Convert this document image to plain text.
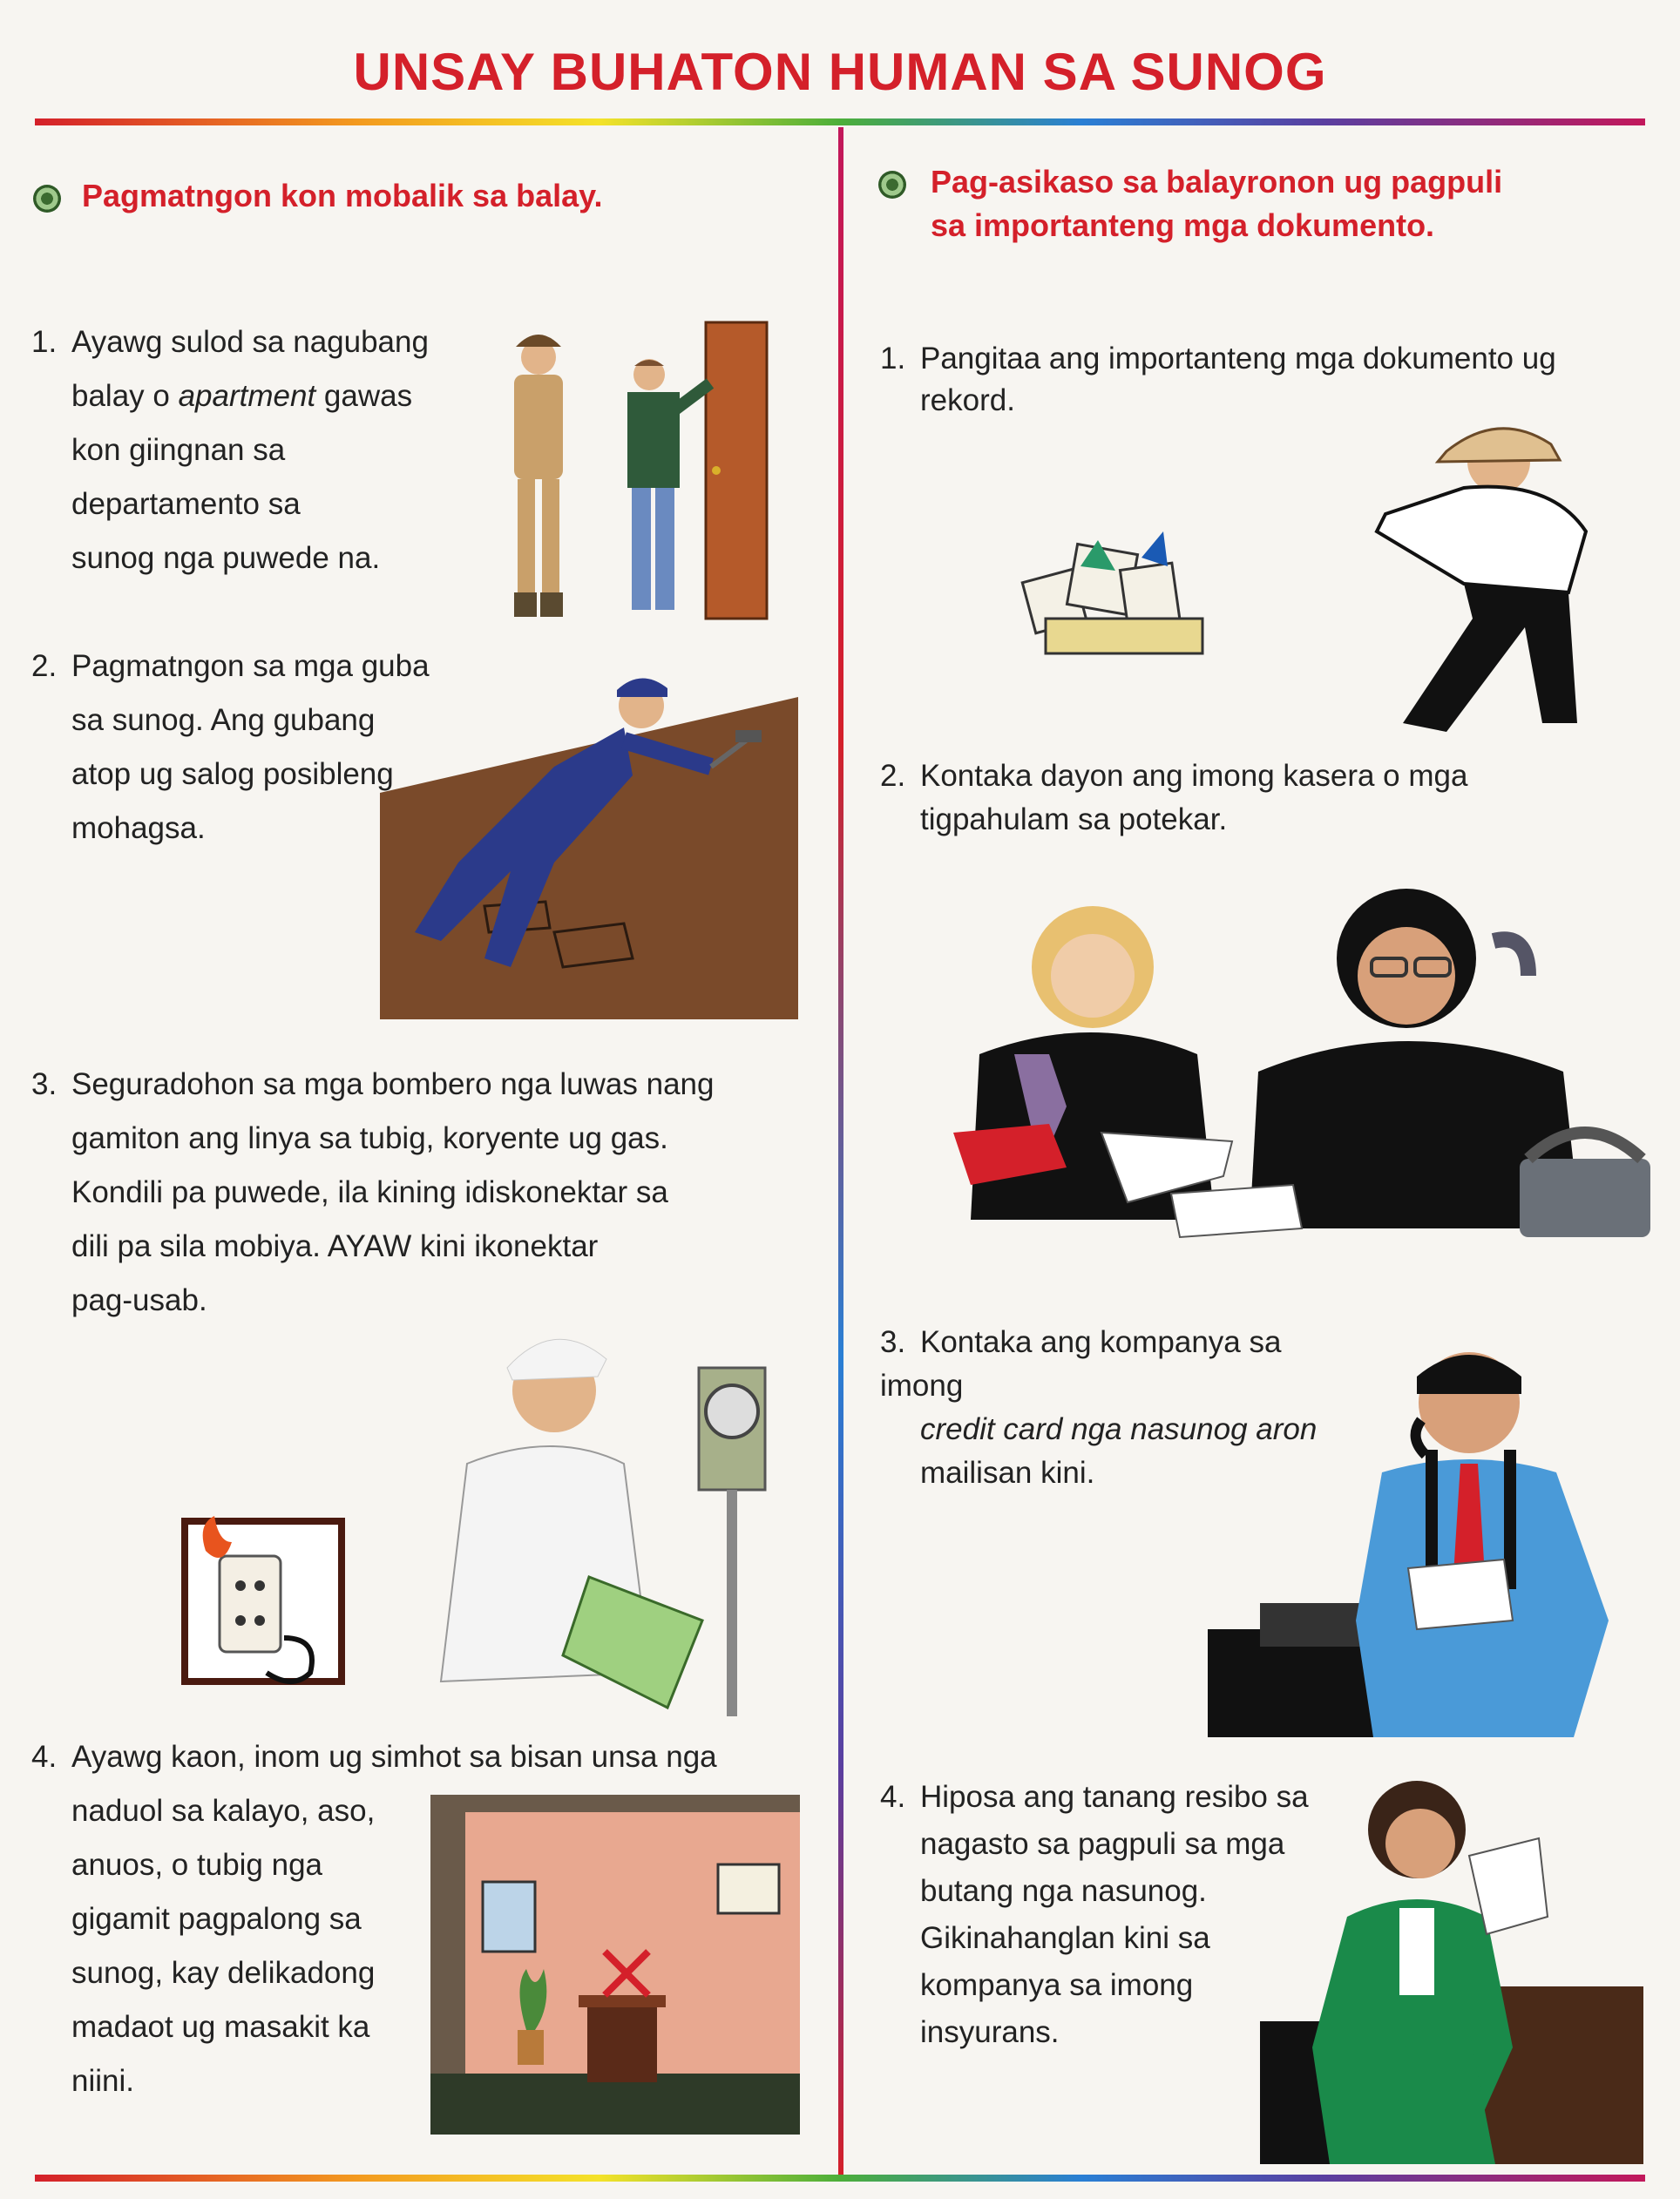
UNSAY BUHATON HUMAN SA SUNOG
Pagmatngon kon mobalik sa balay.
1. Ayawg sulod sa nagubang
balay o apartment gawas
kon giingnan sa
departamento sa
sunog nga puwede na.
2. Pagmatngon sa mga guba
sa sunog. Ang gubang
atop ug salog posibleng
mohagsa.
3. Seguradohon sa mga bombero nga luwas nang
gamiton ang linya sa tubig, koryente ug gas.
Kondili pa puwede, ila kining idiskonektar sa
dili pa sila mobiya. AYAW kini ikonektar
pag-usab.
4. Ayawg kaon, inom ug simhot sa bisan unsa nga
naduol sa kalayo, aso,
anuos, o tubig nga
gigamit pagpalong sa
sunog, kay delikadong
madaot ug masakit ka
niini.
Pag-asikaso sa balayronon ug pagpuli
sa importanteng mga dokumento.
1. Pangitaa ang importanteng mga dokumento ug
rekord.
2. Kontaka dayon ang imong kasera o mga
tigpahulam sa potekar.
3. Kontaka ang kompanya sa imong
credit card nga nasunog aron
mailisan kini.
4. Hiposa ang tanang resibo sa
nagasto sa pagpuli sa mga
butang nga nasunog.
Gikinahanglan kini sa
kompanya sa imong
insyurans.
